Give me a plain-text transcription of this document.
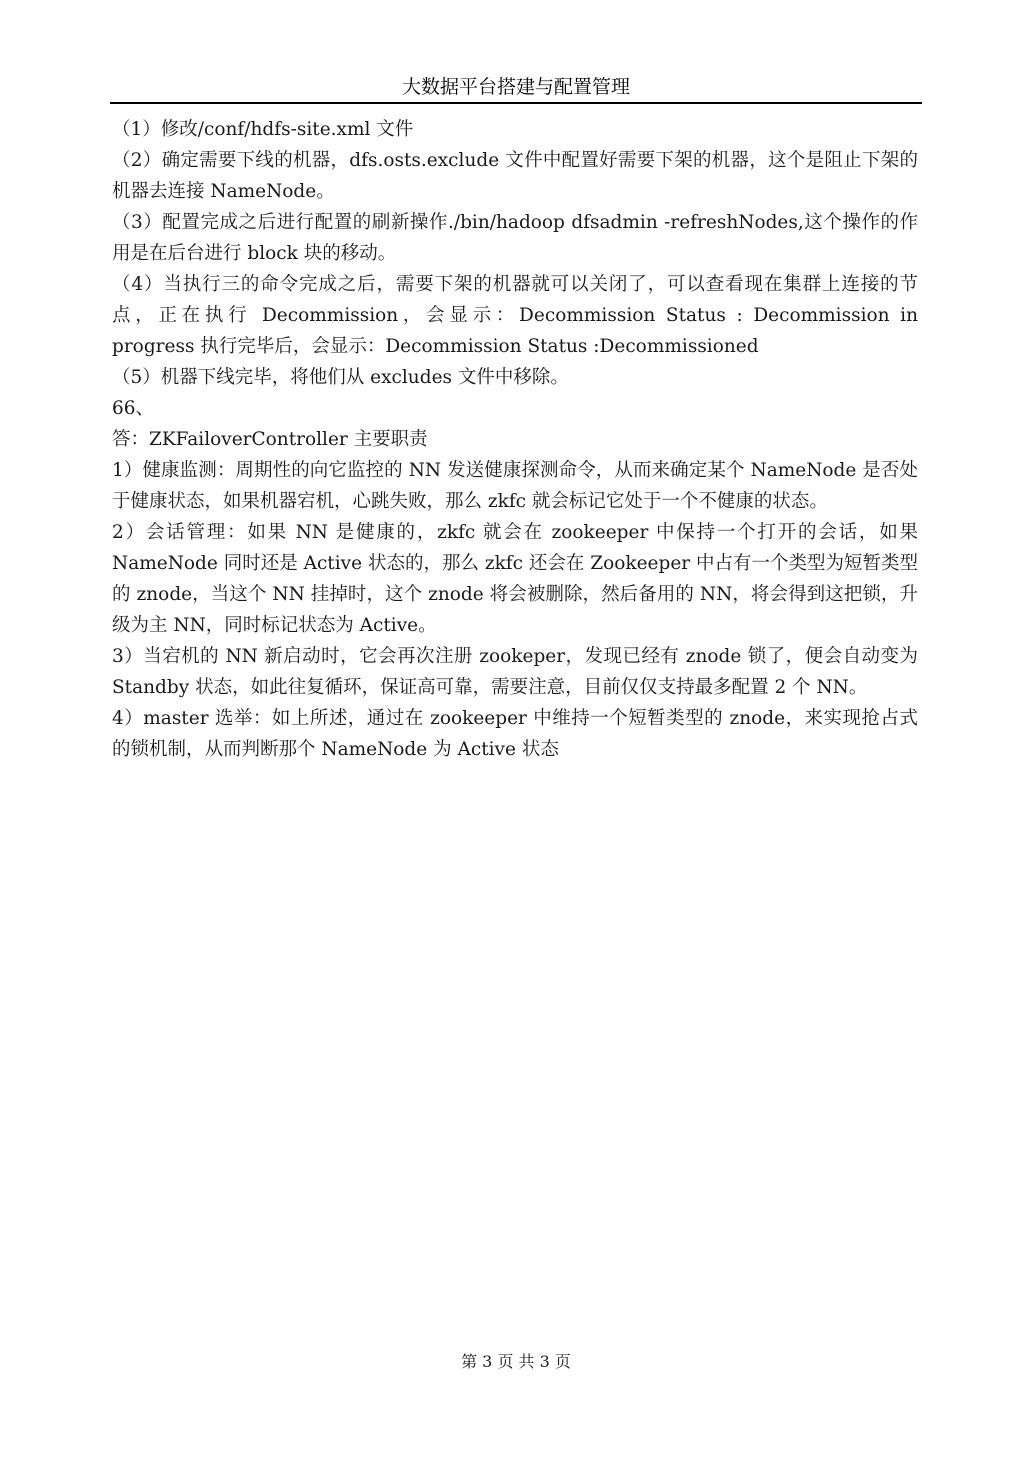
大数据平台搭建与配置管理

（1）修改/conf/hdfs-site.xml 文件

（2）确定需要下线的机器，dfs.osts.exclude 文件中配置好需要下架的机器，这个是阻止下架的机器去连接 NameNode。

（3）配置完成之后进行配置的刷新操作./bin/hadoop dfsadmin -refreshNodes,这个操作的作用是在后台进行 block 块的移动。

（4）当执行三的命令完成之后，需要下架的机器就可以关闭了，可以查看现在集群上连接的节点，正在执行 Decommission，会显示：Decommission Status : Decommission in progress 执行完毕后，会显示：Decommission Status :Decommissioned

（5）机器下线完毕，将他们从 excludes 文件中移除。

66、

答：ZKFailoverController 主要职责

1）健康监测：周期性的向它监控的 NN 发送健康探测命令，从而来确定某个 NameNode 是否处于健康状态，如果机器宕机，心跳失败，那么 zkfc 就会标记它处于一个不健康的状态。

2）会话管理：如果 NN 是健康的，zkfc 就会在 zookeeper 中保持一个打开的会话，如果 NameNode 同时还是 Active 状态的，那么 zkfc 还会在 Zookeeper 中占有一个类型为短暂类型的 znode，当这个 NN 挂掉时，这个 znode 将会被删除，然后备用的 NN，将会得到这把锁，升级为主 NN，同时标记状态为 Active。

3）当宕机的 NN 新启动时，它会再次注册 zookeper，发现已经有 znode 锁了，便会自动变为 Standby 状态，如此往复循环，保证高可靠，需要注意，目前仅仅支持最多配置 2 个 NN。

4）master 选举：如上所述，通过在 zookeeper 中维持一个短暂类型的 znode，来实现抢占式的锁机制，从而判断那个 NameNode 为 Active 状态

第 3 页 共 3 页
